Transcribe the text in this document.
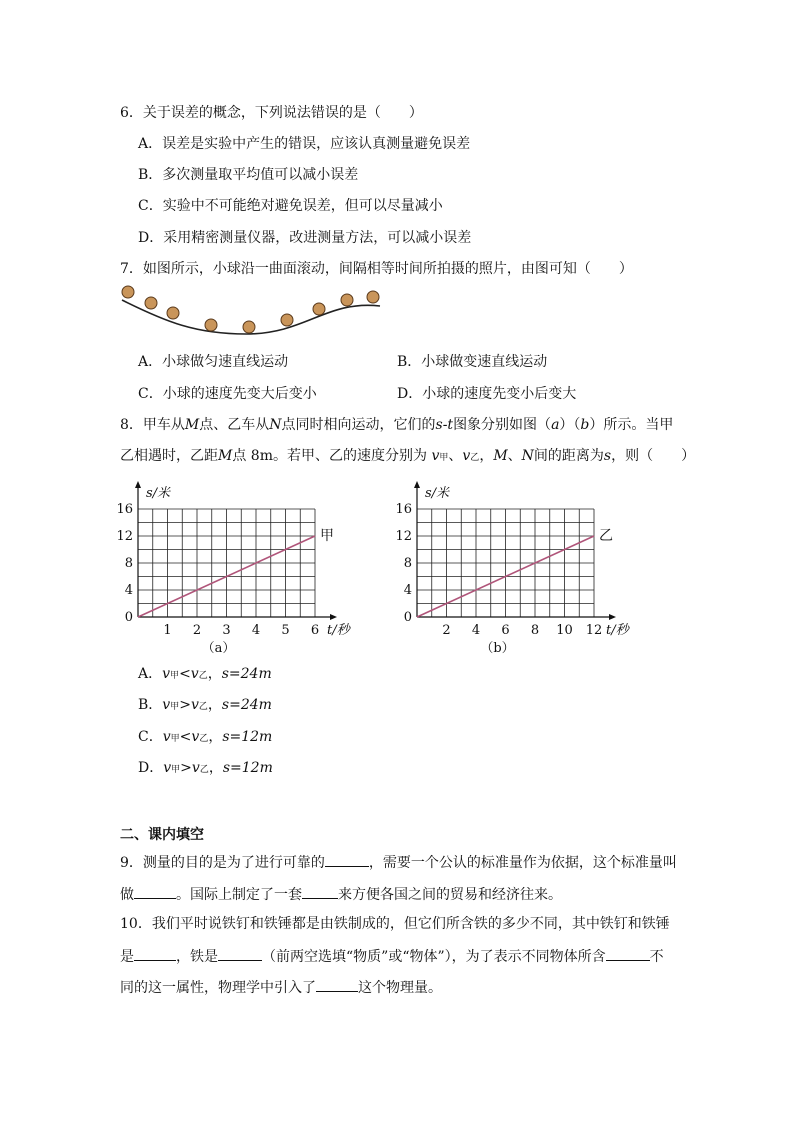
6．关于误差的概念，下列说法错误的是（　　）
A．误差是实验中产生的错误，应该认真测量避免误差
B．多次测量取平均值可以减小误差
C．实验中不可能绝对避免误差，但可以尽量减小
D．采用精密测量仪器，改进测量方法，可以减小误差
7．如图所示，小球沿一曲面滚动，间隔相等时间所拍摄的照片，由图可知（　　）
A．小球做匀速直线运动	B．小球做变速直线运动
C．小球的速度先变大后变小	D．小球的速度先变小后变大
8．甲车从M点、乙车从N点同时相向运动，它们的s-t图象分别如图（a）（b）所示。当甲
乙相遇时，乙距M点 8m。若甲、乙的速度分别为 v甲、v乙，M、N间的距离为s，则（　　）
0
4
8
12
16
1 2 3 4 5 6
s/米
t/秒
甲
（a）
0
4
8
12
16
2 4 6 8 10 12
s/米
t/秒
乙
（b）
A．v甲<v乙，s=24m
B．v甲>v乙，s=24m
C．v甲<v乙，s=12m
D．v甲>v乙，s=12m
二、课内填空
9．测量的目的是为了进行可靠的	，需要一个公认的标准量作为依据，这个标准量叫
做	。国际上制定了一套	来方便各国之间的贸易和经济往来。
10．我们平时说铁钉和铁锤都是由铁制成的，但它们所含铁的多少不同，其中铁钉和铁锤
是	，铁是	（前两空选填“物质”或“物体”），为了表示不同物体所含	不
同的这一属性，物理学中引入了	这个物理量。
